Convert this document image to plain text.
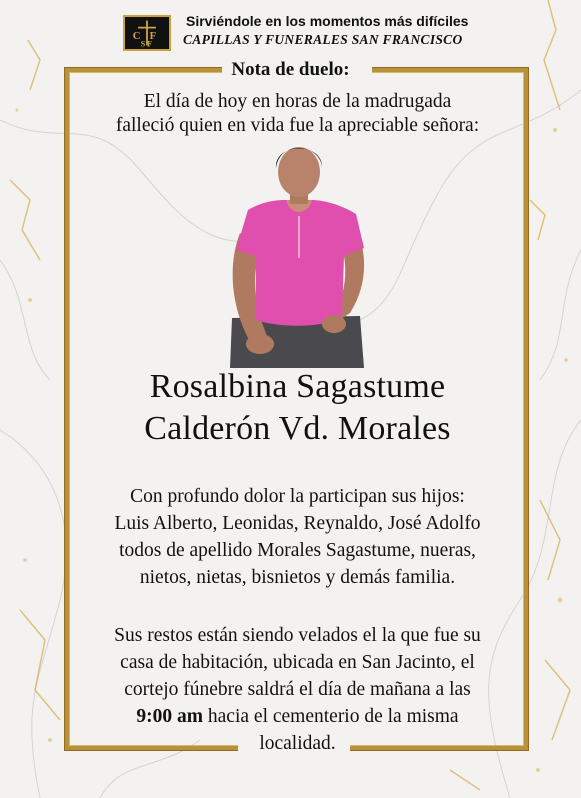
C F
S F
Sirviéndole en los momentos más difíciles
CAPILLAS Y FUNERALES SAN FRANCISCO
Nota de duelo:
El día de hoy en horas de la madrugada
falleció quien en vida fue la apreciable señora:
Rosalbina Sagastume
Calderón Vd. Morales
Con profundo dolor la participan sus hijos:
Luis Alberto, Leonidas, Reynaldo, José Adolfo
todos de apellido Morales Sagastume, nueras,
nietos, nietas, bisnietos y demás familia.
Sus restos están siendo velados el la que fue su
casa de habitación, ubicada en San Jacinto, el
cortejo fúnebre saldrá el día de mañana a las
9:00 am hacia el cementerio de la misma
localidad.
